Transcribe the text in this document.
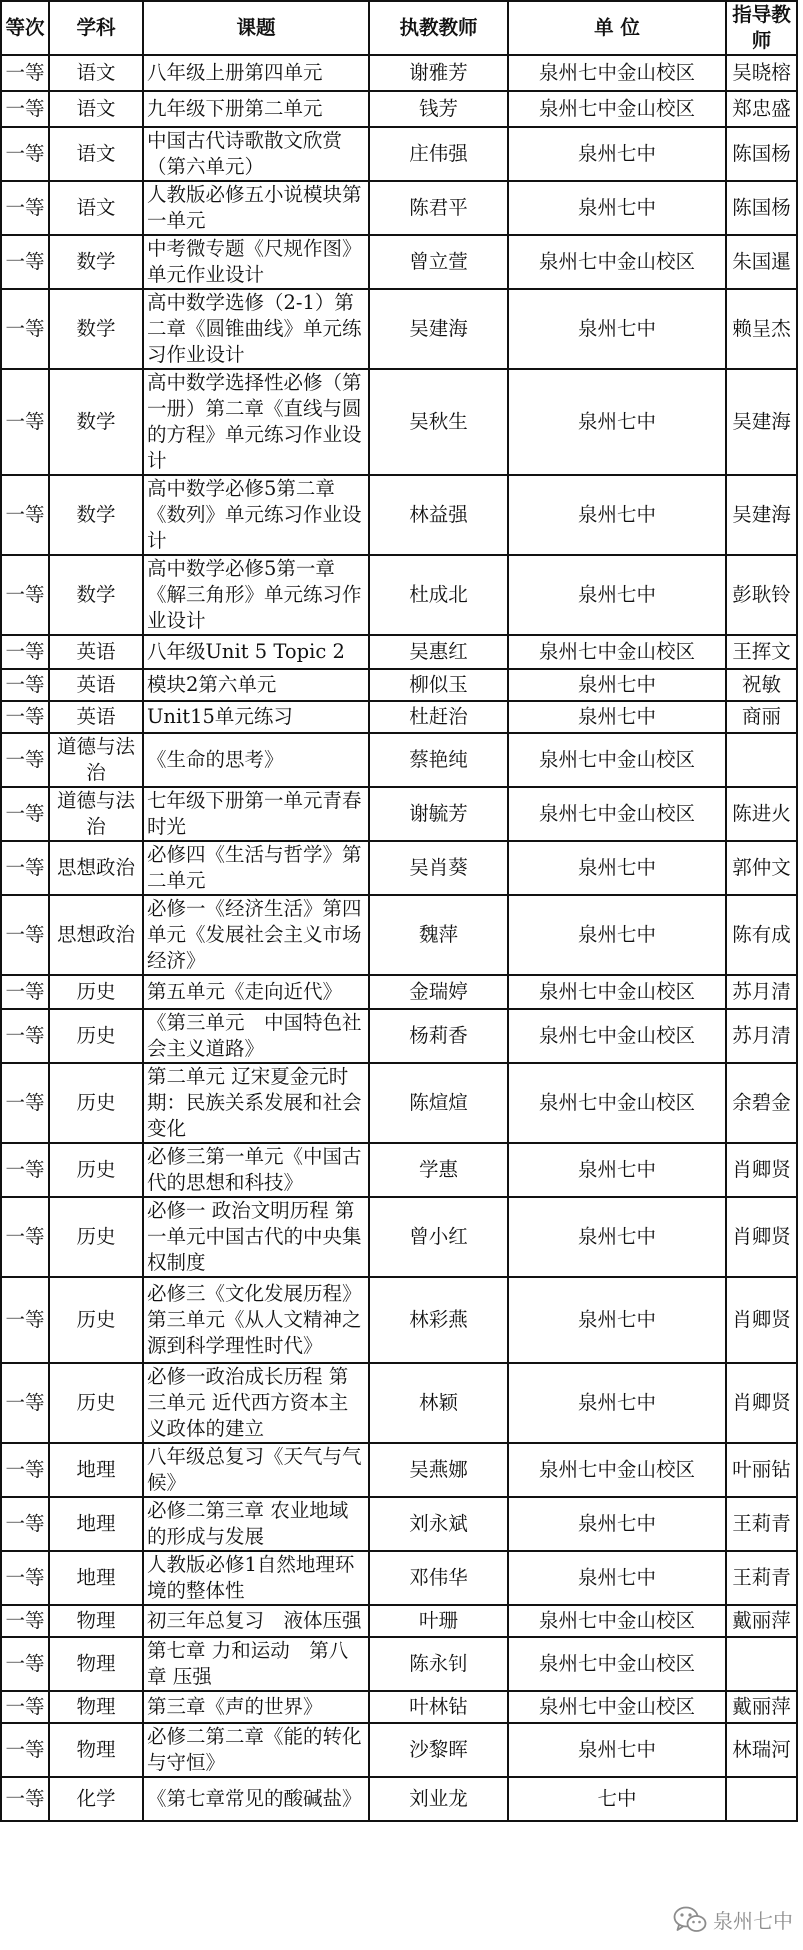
等次	学科	课题	执教教师	单 位	指导教师
一等	语文	八年级上册第四单元	谢雅芳	泉州七中金山校区	吴晓榕
一等	语文	九年级下册第二单元	钱芳	泉州七中金山校区	郑忠盛
一等	语文	中国古代诗歌散文欣赏（第六单元）	庄伟强	泉州七中	陈国杨
一等	语文	人教版必修五小说模块第一单元	陈君平	泉州七中	陈国杨
一等	数学	中考微专题《尺规作图》单元作业设计	曾立萱	泉州七中金山校区	朱国暹
一等	数学	高中数学选修（2-1）第二章《圆锥曲线》单元练习作业设计	吴建海	泉州七中	赖呈杰
一等	数学	高中数学选择性必修（第一册）第二章《直线与圆的方程》单元练习作业设计	吴秋生	泉州七中	吴建海
一等	数学	高中数学必修5第二章《数列》单元练习作业设计	林益强	泉州七中	吴建海
一等	数学	高中数学必修5第一章《解三角形》单元练习作业设计	杜成北	泉州七中	彭耿铃
一等	英语	八年级Unit 5 Topic 2	吴惠红	泉州七中金山校区	王挥文
一等	英语	模块2第六单元	柳似玉	泉州七中	祝敏
一等	英语	Unit15单元练习	杜赶治	泉州七中	商丽
一等	道德与法治	《生命的思考》	蔡艳纯	泉州七中金山校区	
一等	道德与法治	七年级下册第一单元青春时光	谢毓芳	泉州七中金山校区	陈进火
一等	思想政治	必修四《生活与哲学》第二单元	吴肖葵	泉州七中	郭仲文
一等	思想政治	必修一《经济生活》第四单元《发展社会主义市场经济》	魏萍	泉州七中	陈有成
一等	历史	第五单元《走向近代》	金瑞婷	泉州七中金山校区	苏月清
一等	历史	《第三单元　中国特色社会主义道路》	杨莉香	泉州七中金山校区	苏月清
一等	历史	第二单元 辽宋夏金元时期：民族关系发展和社会变化	陈煊煊	泉州七中金山校区	余碧金
一等	历史	必修三第一单元《中国古代的思想和科技》	学惠	泉州七中	肖卿贤
一等	历史	必修一 政治文明历程 第一单元中国古代的中央集权制度	曾小红	泉州七中	肖卿贤
一等	历史	必修三《文化发展历程》第三单元《从人文精神之源到科学理性时代》	林彩燕	泉州七中	肖卿贤
一等	历史	必修一政治成长历程 第三单元 近代西方资本主义政体的建立	林颖	泉州七中	肖卿贤
一等	地理	八年级总复习《天气与气候》	吴燕娜	泉州七中金山校区	叶丽钻
一等	地理	必修二第三章 农业地域的形成与发展	刘永斌	泉州七中	王莉青
一等	地理	人教版必修1自然地理环境的整体性	邓伟华	泉州七中	王莉青
一等	物理	初三年总复习　液体压强	叶珊	泉州七中金山校区	戴丽萍
一等	物理	第七章 力和运动　第八章 压强	陈永钊	泉州七中金山校区	
一等	物理	第三章《声的世界》	叶林钻	泉州七中金山校区	戴丽萍
一等	物理	必修二第二章《能的转化与守恒》	沙黎晖	泉州七中	林瑞河
一等	化学	《第七章常见的酸碱盐》	刘业龙	七中	
泉州七中
